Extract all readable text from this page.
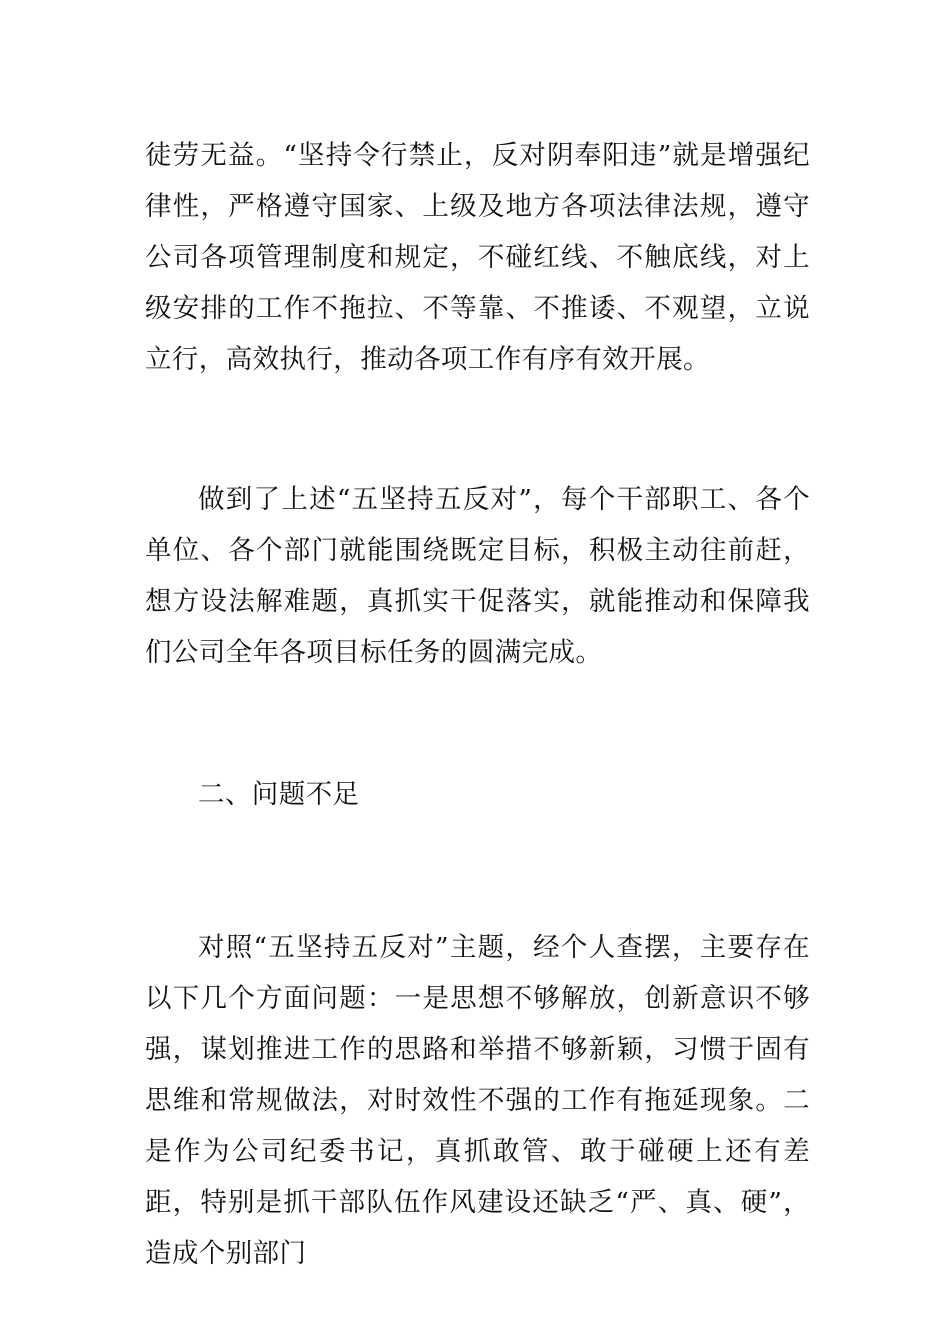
徒劳无益。“坚持令行禁止，反对阴奉阳违”就是增强纪律性，严格遵守国家、上级及地方各项法律法规，遵守公司各项管理制度和规定，不碰红线、不触底线，对上级安排的工作不拖拉、不等靠、不推诿、不观望，立说立行，高效执行，推动各项工作有序有效开展。

做到了上述“五坚持五反对”，每个干部职工、各个单位、各个部门就能围绕既定目标，积极主动往前赶，想方设法解难题，真抓实干促落实，就能推动和保障我们公司全年各项目标任务的圆满完成。

二、问题不足

对照“五坚持五反对”主题，经个人查摆，主要存在以下几个方面问题：一是思想不够解放，创新意识不够强，谋划推进工作的思路和举措不够新颖，习惯于固有思维和常规做法，对时效性不强的工作有拖延现象。二是作为公司纪委书记，真抓敢管、敢于碰硬上还有差距，特别是抓干部队伍作风建设还缺乏“严、真、硬”，造成个别部门
